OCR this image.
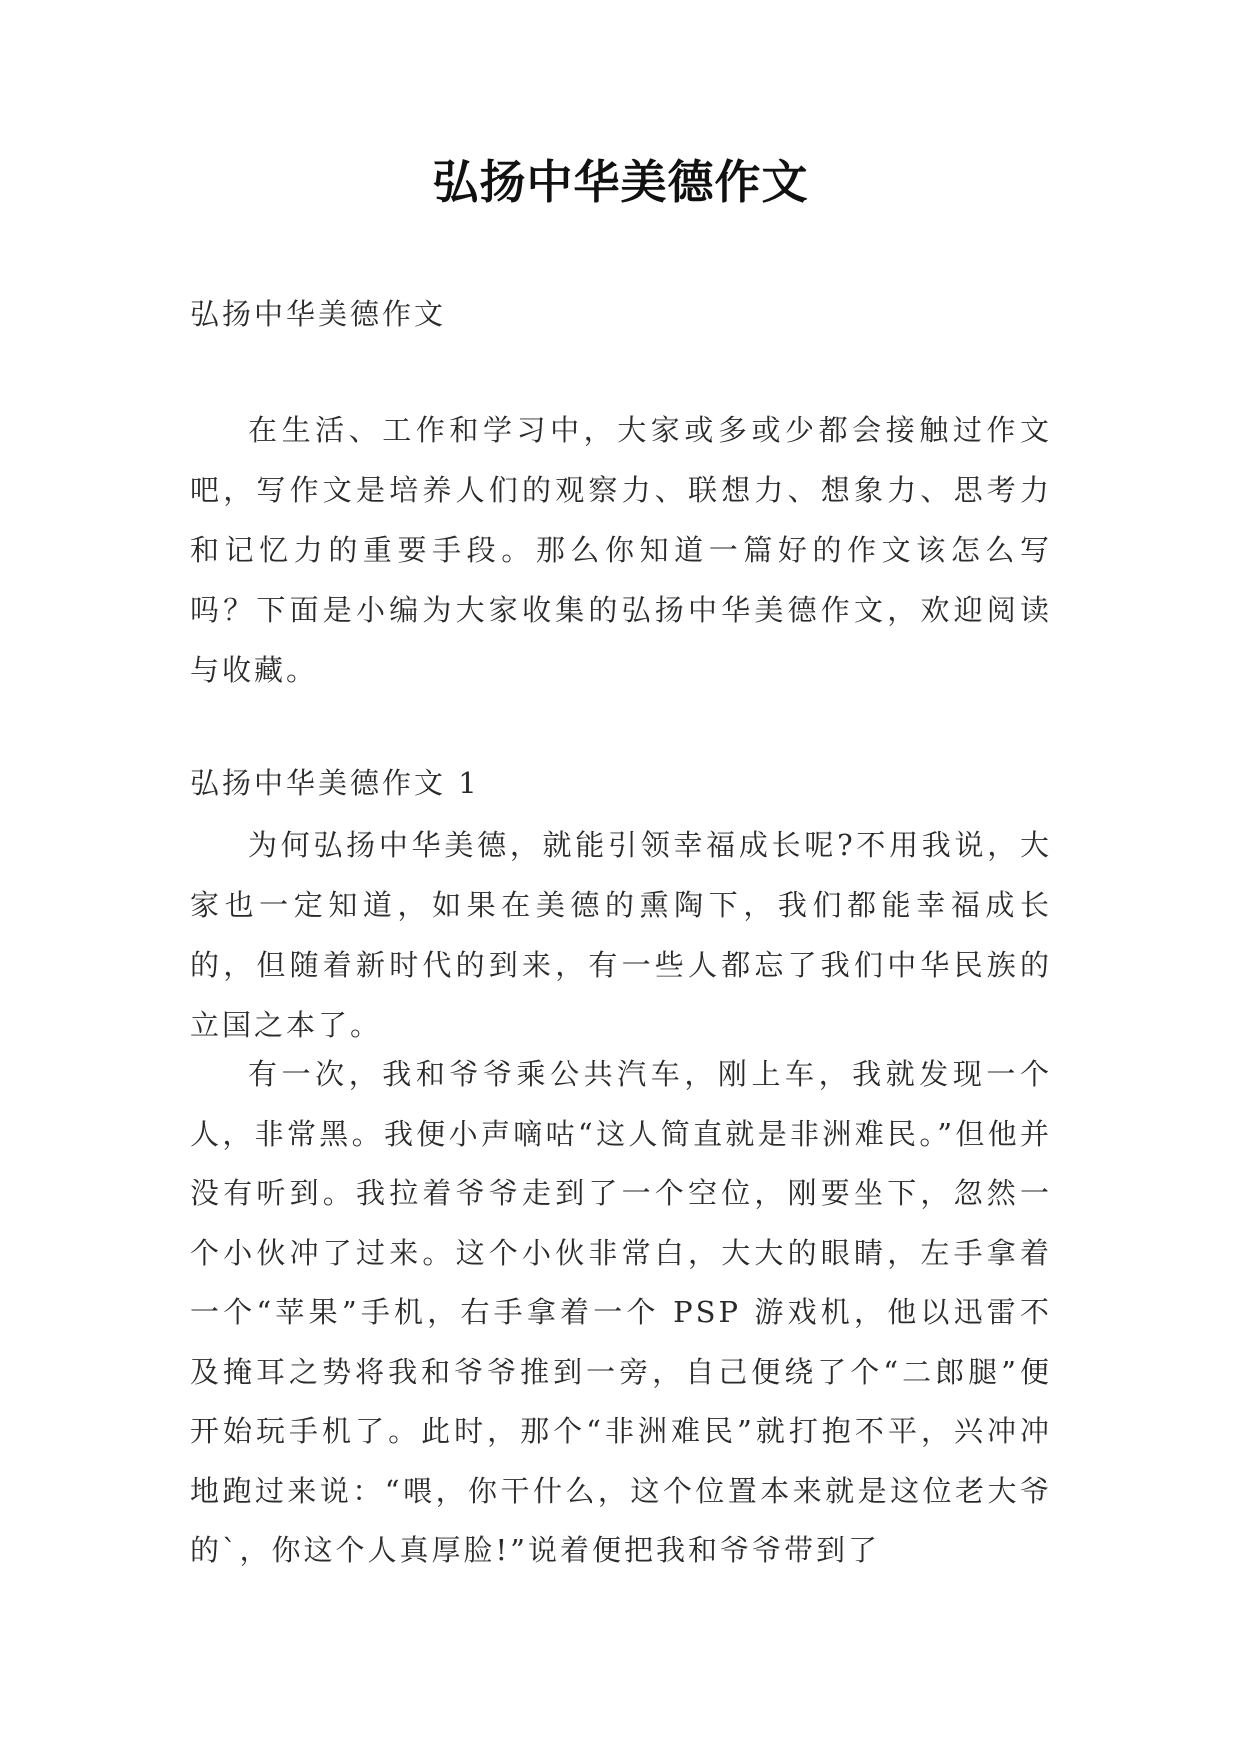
弘扬中华美德作文
弘扬中华美德作文

在生活、工作和学习中，大家或多或少都会接触过作文吧，写作文是培养人们的观察力、联想力、想象力、思考力和记忆力的重要手段。那么你知道一篇好的作文该怎么写吗？下面是小编为大家收集的弘扬中华美德作文，欢迎阅读与收藏。

弘扬中华美德作文 1

为何弘扬中华美德，就能引领幸福成长呢?不用我说，大家也一定知道，如果在美德的熏陶下，我们都能幸福成长的，但随着新时代的到来，有一些人都忘了我们中华民族的立国之本了。

有一次，我和爷爷乘公共汽车，刚上车，我就发现一个人，非常黑。我便小声嘀咕“这人简直就是非洲难民。”但他并没有听到。我拉着爷爷走到了一个空位，刚要坐下，忽然一个小伙冲了过来。这个小伙非常白，大大的眼睛，左手拿着一个“苹果”手机，右手拿着一个 PSP 游戏机，他以迅雷不及掩耳之势将我和爷爷推到一旁，自己便绕了个“二郎腿”便开始玩手机了。此时，那个“非洲难民”就打抱不平，兴冲冲地跑过来说：“喂，你干什么，这个位置本来就是这位老大爷的`，你这个人真厚脸!”说着便把我和爷爷带到了
